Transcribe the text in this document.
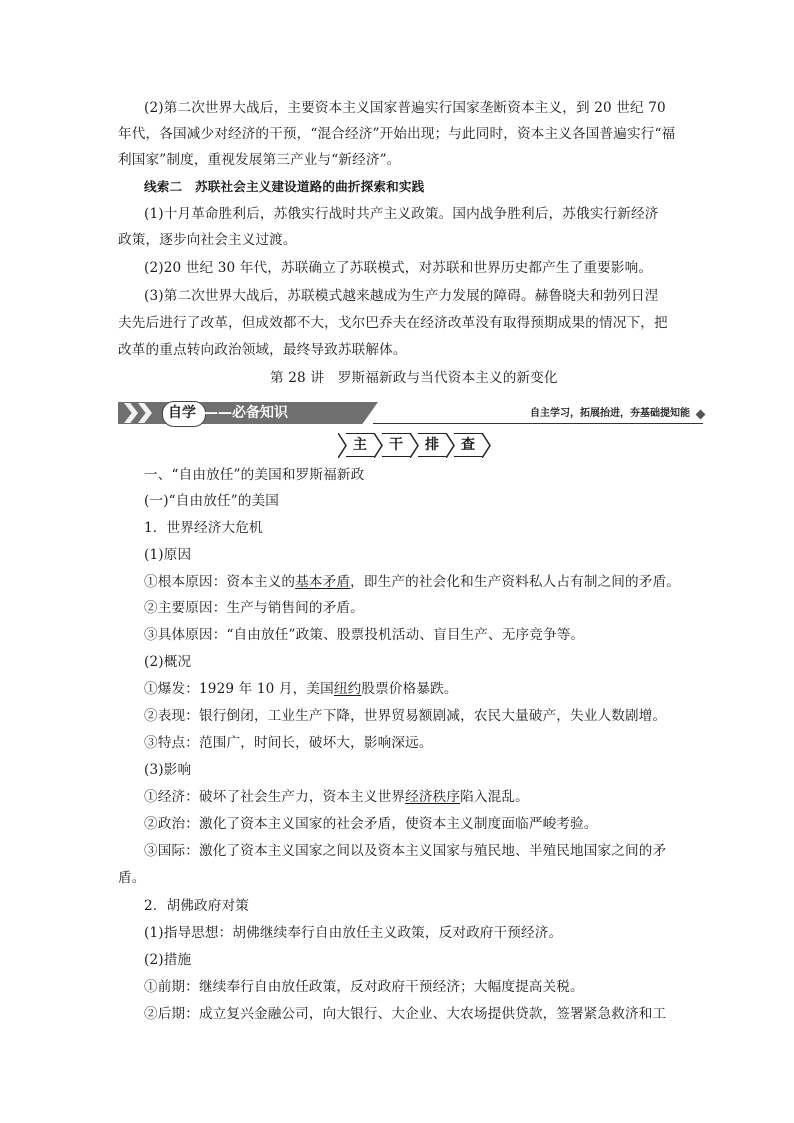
(2)第二次世界大战后，主要资本主义国家普遍实行国家垄断资本主义，到 20 世纪 70
年代，各国减少对经济的干预，“混合经济”开始出现；与此同时，资本主义各国普遍实行“福
利国家”制度，重视发展第三产业与“新经济”。
线索二　苏联社会主义建设道路的曲折探索和实践
(1)十月革命胜利后，苏俄实行战时共产主义政策。国内战争胜利后，苏俄实行新经济
政策，逐步向社会主义过渡。
(2)20 世纪 30 年代，苏联确立了苏联模式，对苏联和世界历史都产生了重要影响。
(3)第二次世界大战后，苏联模式越来越成为生产力发展的障碍。赫鲁晓夫和勃列日涅
夫先后进行了改革，但成效都不大，戈尔巴乔夫在经济改革没有取得预期成果的情况下，把
改革的重点转向政治领域，最终导致苏联解体。
第 28 讲　罗斯福新政与当代资本主义的新变化
自学 ——必备知识	自主学习，拓展抬进，夯基础提知能
主	干	排	查
一、“自由放任”的美国和罗斯福新政
(一)“自由放任”的美国
1．世界经济大危机
(1)原因
①根本原因：资本主义的基本矛盾，即生产的社会化和生产资料私人占有制之间的矛盾。
②主要原因：生产与销售间的矛盾。
③具体原因：“自由放任”政策、股票投机活动、盲目生产、无序竞争等。
(2)概况
①爆发：1929 年 10 月，美国纽约股票价格暴跌。
②表现：银行倒闭，工业生产下降，世界贸易额剧减，农民大量破产，失业人数剧增。
③特点：范围广，时间长，破坏大，影响深远。
(3)影响
①经济：破坏了社会生产力，资本主义世界经济秩序陷入混乱。
②政治：激化了资本主义国家的社会矛盾，使资本主义制度面临严峻考验。
③国际：激化了资本主义国家之间以及资本主义国家与殖民地、半殖民地国家之间的矛
盾。
2．胡佛政府对策
(1)指导思想：胡佛继续奉行自由放任主义政策，反对政府干预经济。
(2)措施
①前期：继续奉行自由放任政策，反对政府干预经济；大幅度提高关税。
②后期：成立复兴金融公司，向大银行、大企业、大农场提供贷款，签署紧急救济和工
